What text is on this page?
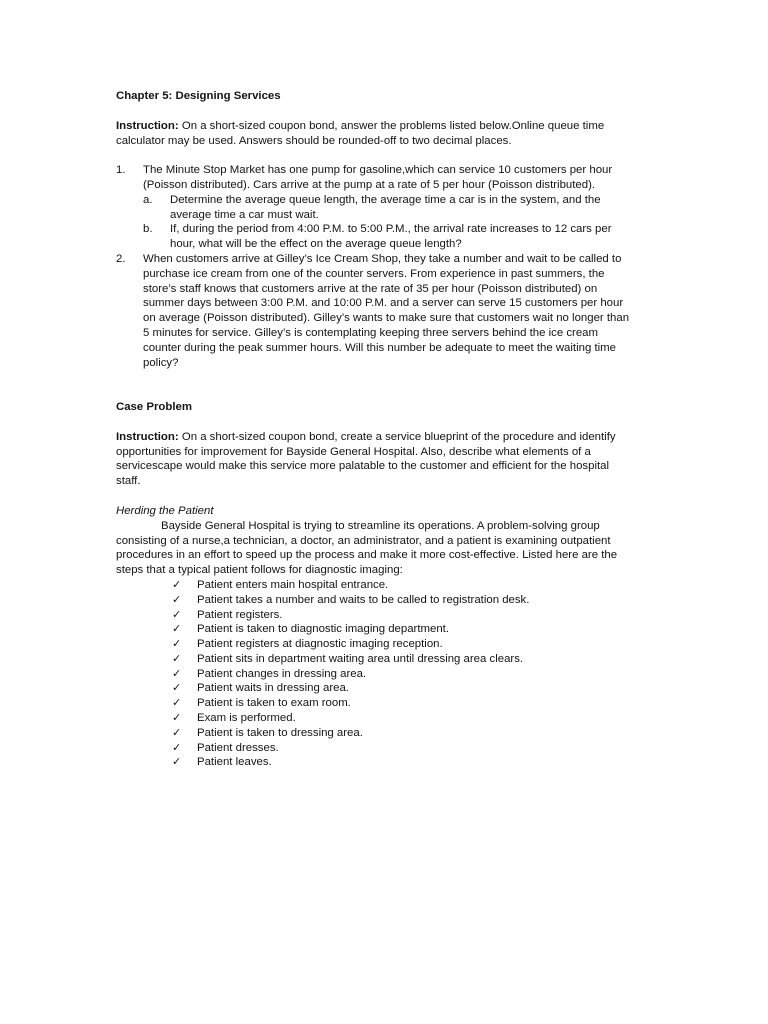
Chapter 5: Designing Services

Instruction: On a short-sized coupon bond, answer the problems listed below.Online queue time
calculator may be used. Answers should be rounded-off to two decimal places.
1. The Minute Stop Market has one pump for gasoline,which can service 10 customers per hour
(Poisson distributed). Cars arrive at the pump at a rate of 5 per hour (Poisson distributed).
a. Determine the average queue length, the average time a car is in the system, and the
average time a car must wait.
b. If, during the period from 4:00 P.M. to 5:00 P.M., the arrival rate increases to 12 cars per
hour, what will be the effect on the average queue length?
2. When customers arrive at Gilley’s Ice Cream Shop, they take a number and wait to be called to
purchase ice cream from one of the counter servers. From experience in past summers, the
store’s staff knows that customers arrive at the rate of 35 per hour (Poisson distributed) on
summer days between 3:00 P.M. and 10:00 P.M. and a server can serve 15 customers per hour
on average (Poisson distributed). Gilley’s wants to make sure that customers wait no longer than
5 minutes for service. Gilley’s is contemplating keeping three servers behind the ice cream
counter during the peak summer hours. Will this number be adequate to meet the waiting time
policy?

Case Problem

Instruction: On a short-sized coupon bond, create a service blueprint of the procedure and identify
opportunities for improvement for Bayside General Hospital. Also, describe what elements of a
servicescape would make this service more palatable to the customer and efficient for the hospital
staff.

Herding the Patient

Bayside General Hospital is trying to streamline its operations. A problem-solving group
consisting of a nurse,a technician, a doctor, an administrator, and a patient is examining outpatient
procedures in an effort to speed up the process and make it more cost-effective. Listed here are the
steps that a typical patient follows for diagnostic imaging:
✓ Patient enters main hospital entrance.
✓ Patient takes a number and waits to be called to registration desk.
✓ Patient registers.
✓ Patient is taken to diagnostic imaging department.
✓ Patient registers at diagnostic imaging reception.
✓ Patient sits in department waiting area until dressing area clears.
✓ Patient changes in dressing area.
✓ Patient waits in dressing area.
✓ Patient is taken to exam room.
✓ Exam is performed.
✓ Patient is taken to dressing area.
✓ Patient dresses.
✓ Patient leaves.
